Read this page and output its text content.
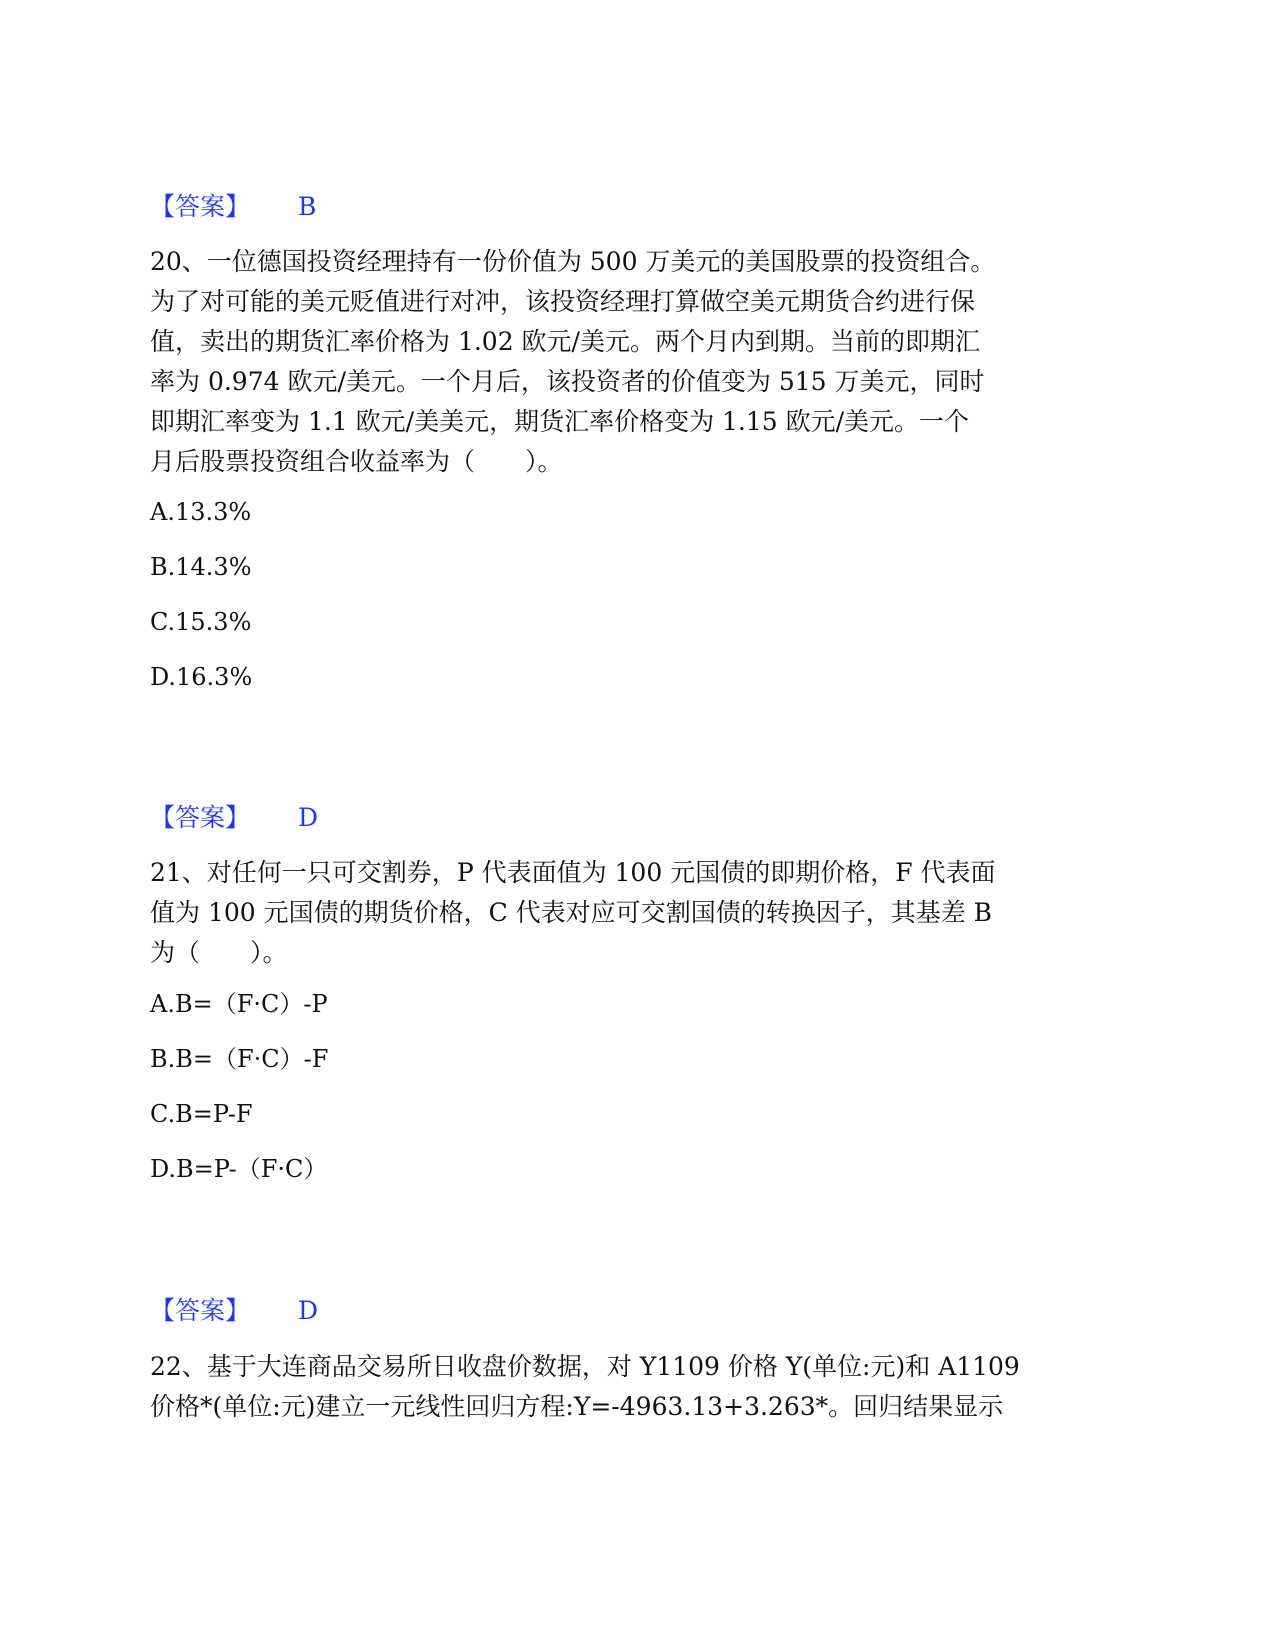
【答案】 B
20、一位德国投资经理持有一份价值为 500 万美元的美国股票的投资组合。
为了对可能的美元贬值进行对冲，该投资经理打算做空美元期货合约进行保
值，卖出的期货汇率价格为 1.02 欧元/美元。两个月内到期。当前的即期汇
率为 0.974 欧元/美元。一个月后，该投资者的价值变为 515 万美元，同时
即期汇率变为 1.1 欧元/美美元，期货汇率价格变为 1.15 欧元/美元。一个
月后股票投资组合收益率为（　　）。
A.13.3%
B.14.3%
C.15.3%
D.16.3%
【答案】 D
21、对任何一只可交割券，P 代表面值为 100 元国债的即期价格，F 代表面
值为 100 元国债的期货价格，C 代表对应可交割国债的转换因子，其基差 B
为（　　）。
A.B=（F·C）-P
B.B=（F·C）-F
C.B=P-F
D.B=P-（F·C）
【答案】 D
22、基于大连商品交易所日收盘价数据，对 Y1109 价格 Y(单位:元)和 A1109
价格*(单位:元)建立一元线性回归方程:Y=-4963.13+3.263*。回归结果显示
